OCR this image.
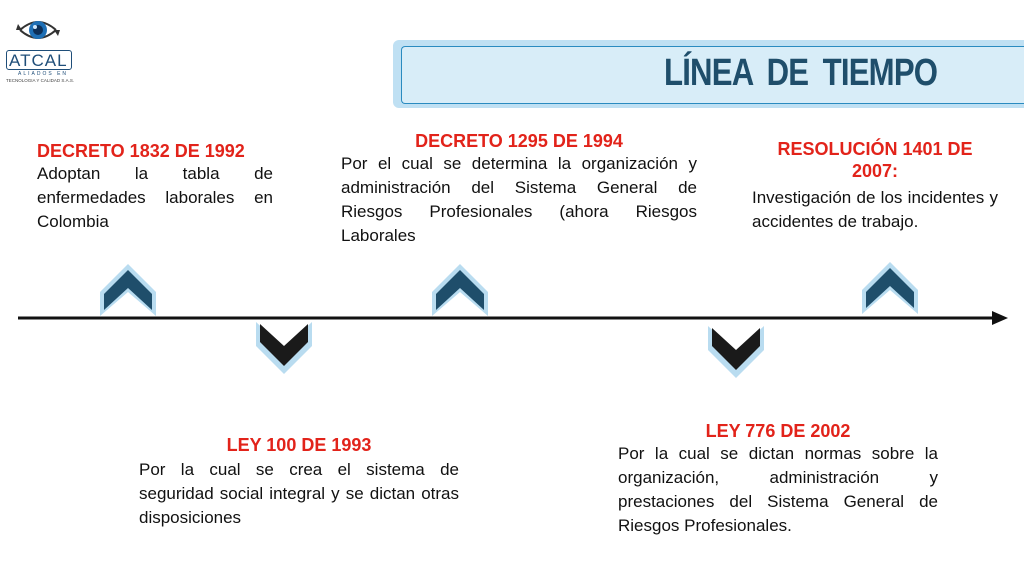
ATCAL
ALIADOS EN
TECNOLOGIA Y CALIDAD S.A.S.	LÍNEA DE TIEMPO
DECRETO 1832 DE 1992
Adoptan la tabla de enfermedades laborales en Colombia
LEY 100 DE 1993
Por la cual se crea el sistema de seguridad social integral y se dictan otras disposiciones
DECRETO 1295 DE 1994
Por el cual se determina la organización y administración del Sistema General de Riesgos Profesionales (ahora Riesgos Laborales
LEY 776 DE 2002
Por la cual se dictan normas sobre la organización, administración y prestaciones del Sistema General de Riesgos Profesionales.
RESOLUCIÓN 1401 DE 2007:
Investigación de los incidentes y accidentes de trabajo.
